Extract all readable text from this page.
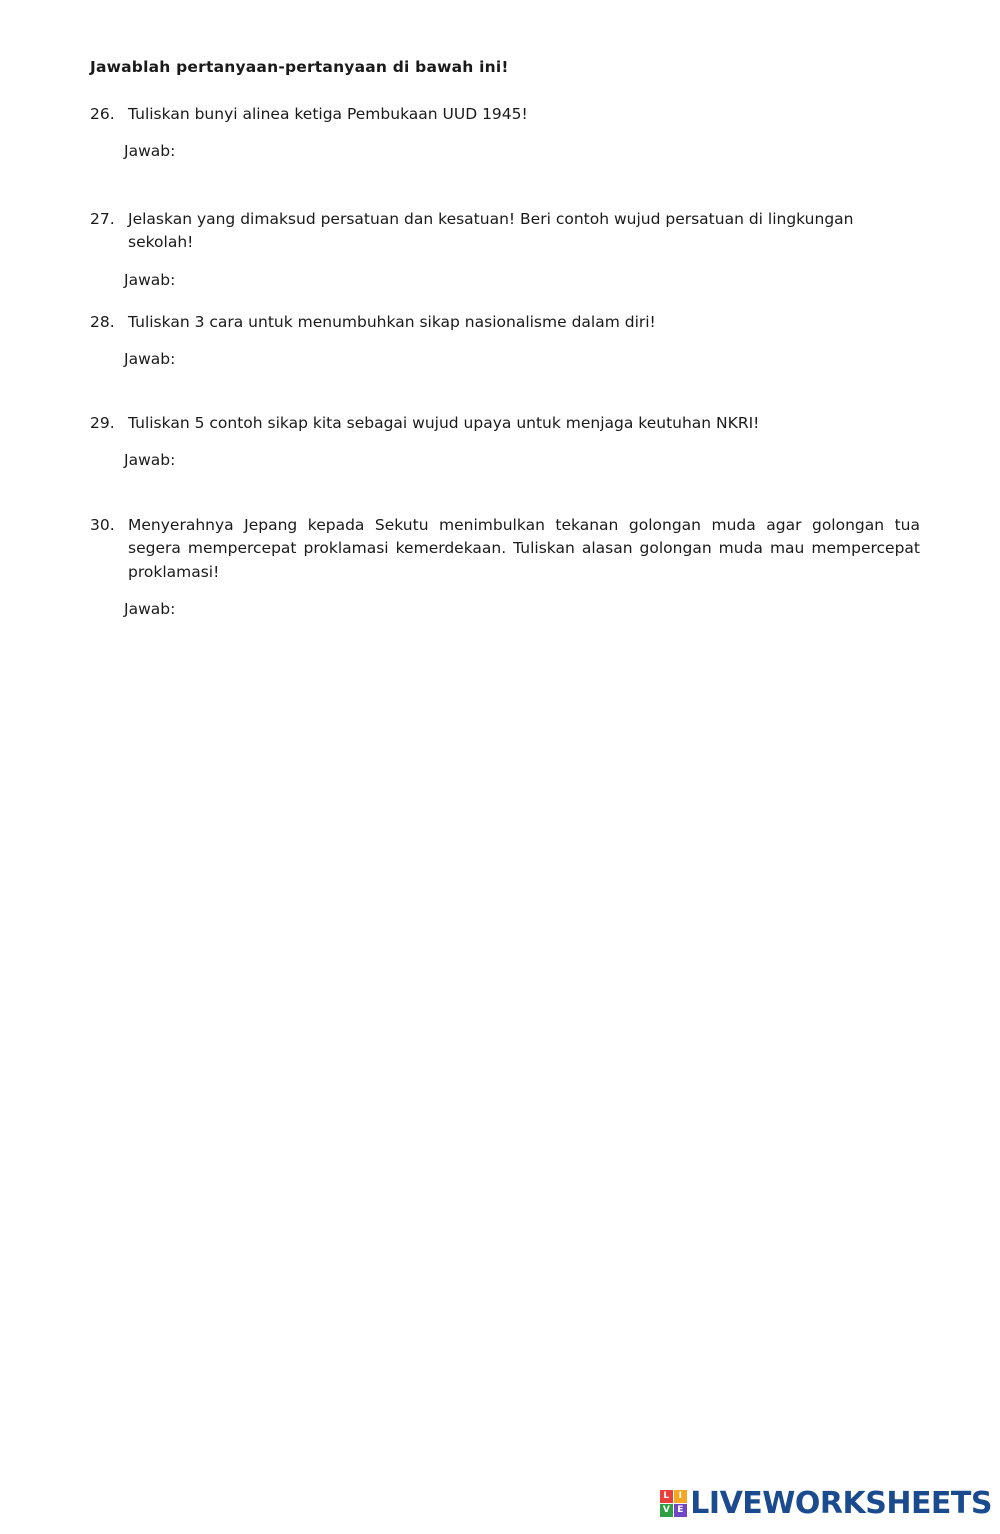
Jawablah pertanyaan-pertanyaan di bawah ini!
26. Tuliskan bunyi alinea ketiga Pembukaan UUD 1945!
Jawab:
27. Jelaskan yang dimaksud persatuan dan kesatuan! Beri contoh wujud persatuan di lingkungan sekolah!
Jawab:
28. Tuliskan 3 cara untuk menumbuhkan sikap nasionalisme dalam diri!
Jawab:
29. Tuliskan 5 contoh sikap kita sebagai wujud upaya untuk menjaga keutuhan NKRI!
Jawab:
30. Menyerahnya Jepang kepada Sekutu menimbulkan tekanan golongan muda agar golongan tua segera mempercepat proklamasi kemerdekaan. Tuliskan alasan golongan muda mau mempercepat proklamasi!
Jawab:
L	I
V E LIVEWORKSHEETS
